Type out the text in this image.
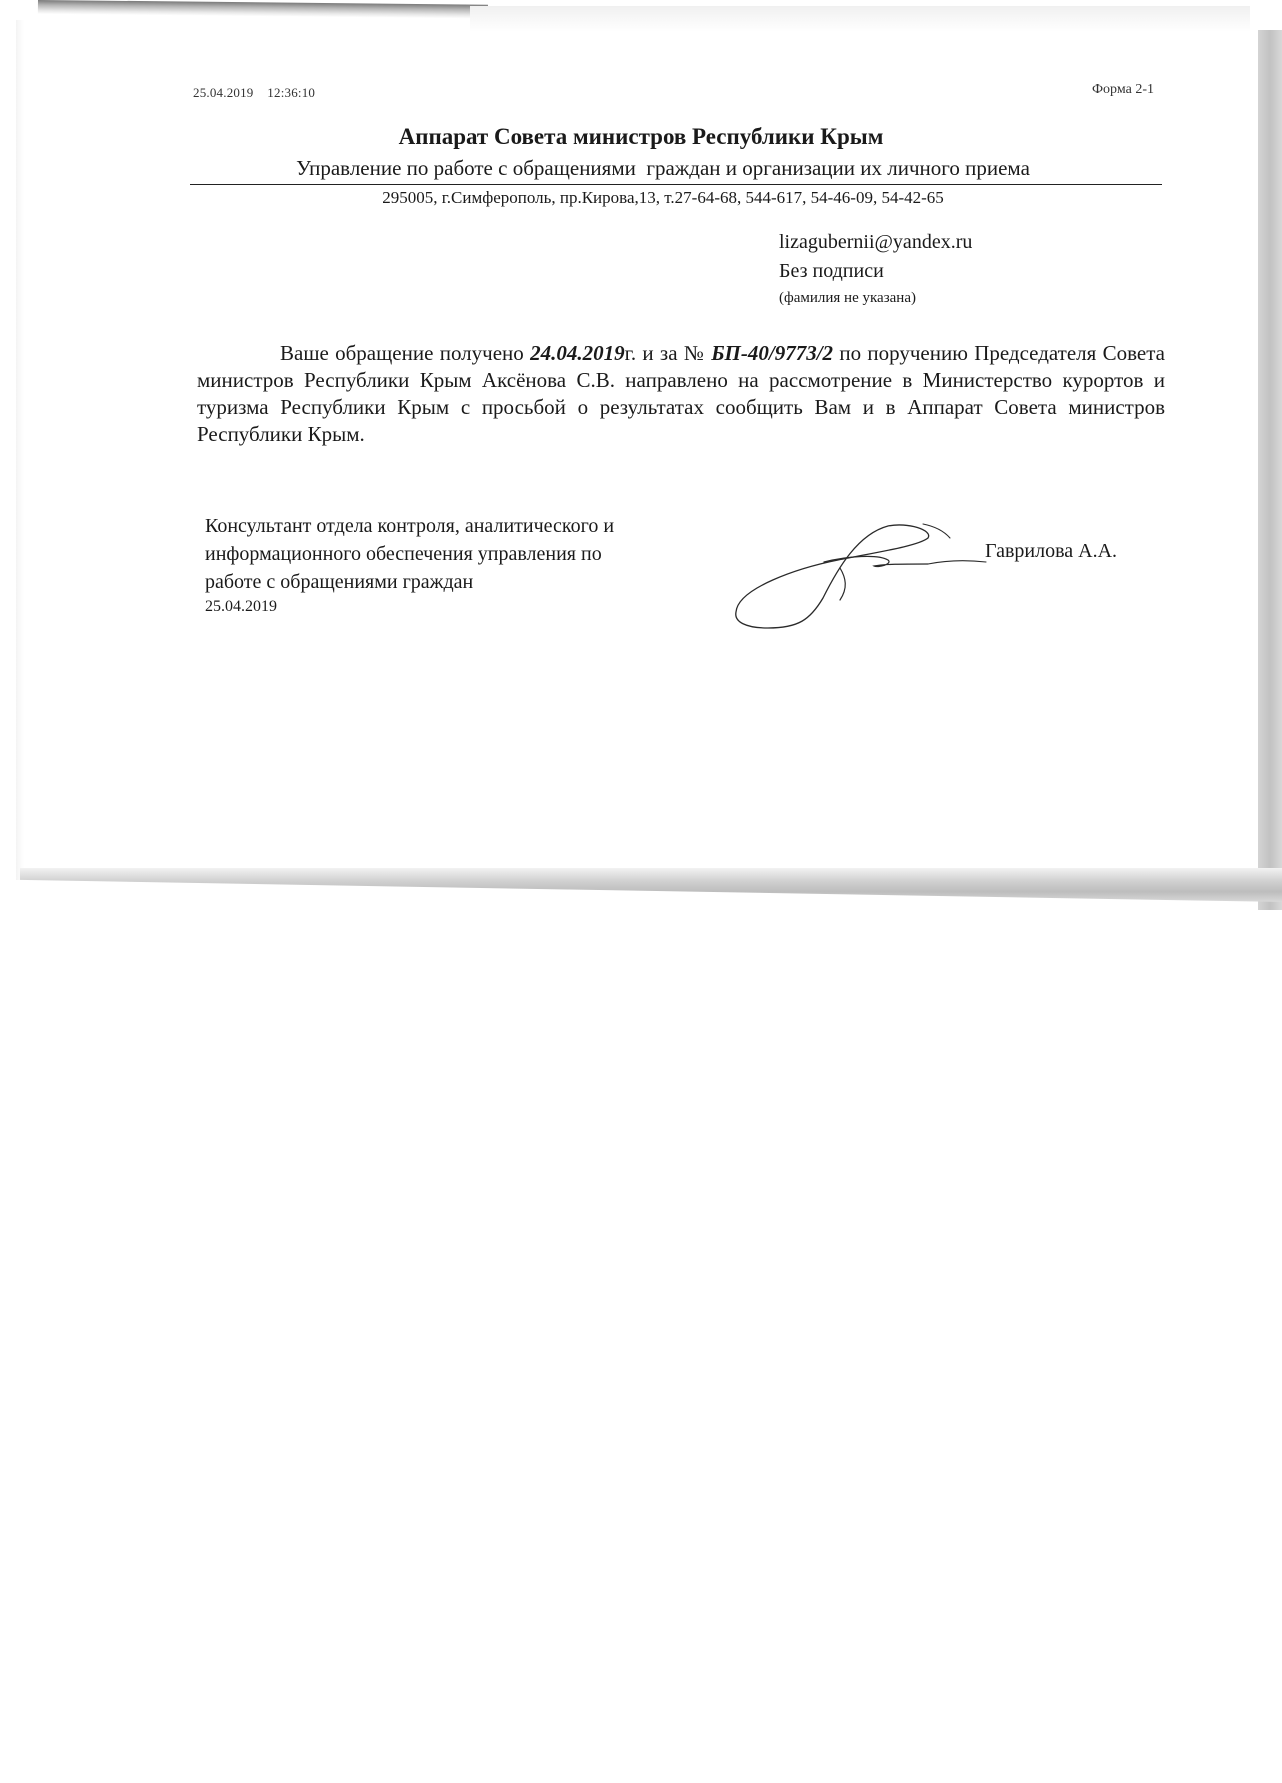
25.04.2019    12:36:10	Форма 2-1
Аппарат Совета министров Республики Крым
Управление по работе с обращениями  граждан и организации их личного приема
295005, г.Симферополь, пр.Кирова,13, т.27-64-68, 544-617, 54-46-09, 54-42-65
lizagubernii@yandex.ru
Без подписи
(фамилия не указана)
Ваше обращение получено 24.04.2019г. и за № БП-40/9773/2 по поручению Председателя Совета министров Республики Крым Аксёнова С.В. направлено на рассмотрение в Министерство курортов и туризма Республики Крым с просьбой о результатах сообщить Вам и в Аппарат Совета министров Республики Крым.
Консультант отдела контроля, аналитического и
информационного обеспечения управления по
работе с обращениями граждан
25.04.2019
Гаврилова А.А.
